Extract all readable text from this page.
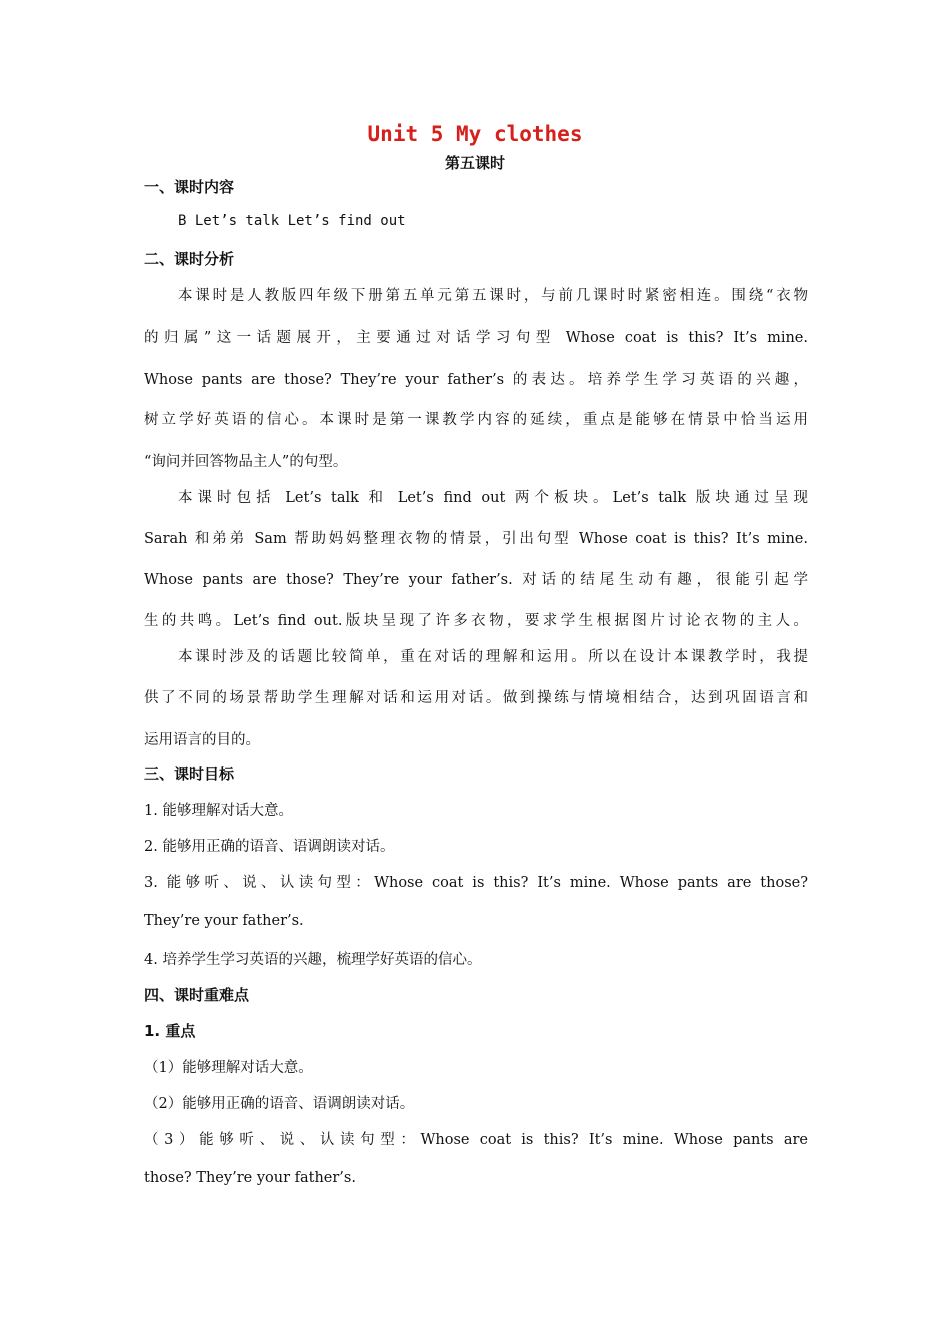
Unit 5 My clothes
第五课时
一、课时内容
B Let’s talk Let’s find out
二、课时分析
本课时是人教版四年级下册第五单元第五课时，与前几课时时紧密相连。围绕“衣物
的归属”这一话题展开，主要通过对话学习句型 Whose coat is this? It’s mine.
Whose pants are those? They’re your father’s 的表达。培养学生学习英语的兴趣，
树立学好英语的信心。本课时是第一课教学内容的延续，重点是能够在情景中恰当运用
“询问并回答物品主人”的句型。
本课时包括 Let’s talk 和 Let’s find out 两个板块。Let’s talk 版块通过呈现
Sarah 和弟弟 Sam 帮助妈妈整理衣物的情景，引出句型 Whose coat is this? It’s mine.
Whose pants are those? They’re your father’s. 对话的结尾生动有趣，很能引起学
生的共鸣。Let’s find out.版块呈现了许多衣物，要求学生根据图片讨论衣物的主人。
本课时涉及的话题比较简单，重在对话的理解和运用。所以在设计本课教学时，我提
供了不同的场景帮助学生理解对话和运用对话。做到操练与情境相结合，达到巩固语言和
运用语言的目的。
三、课时目标
1. 能够理解对话大意。
2. 能够用正确的语音、语调朗读对话。
3. 能够听、说、认读句型：Whose coat is this? It’s mine. Whose pants are those?
They’re your father’s.
4. 培养学生学习英语的兴趣，梳理学好英语的信心。
四、课时重难点
1. 重点
（1）能够理解对话大意。
（2）能够用正确的语音、语调朗读对话。
（3）能够听、说、认读句型：Whose coat is this? It’s mine. Whose pants are
those? They’re your father’s.
